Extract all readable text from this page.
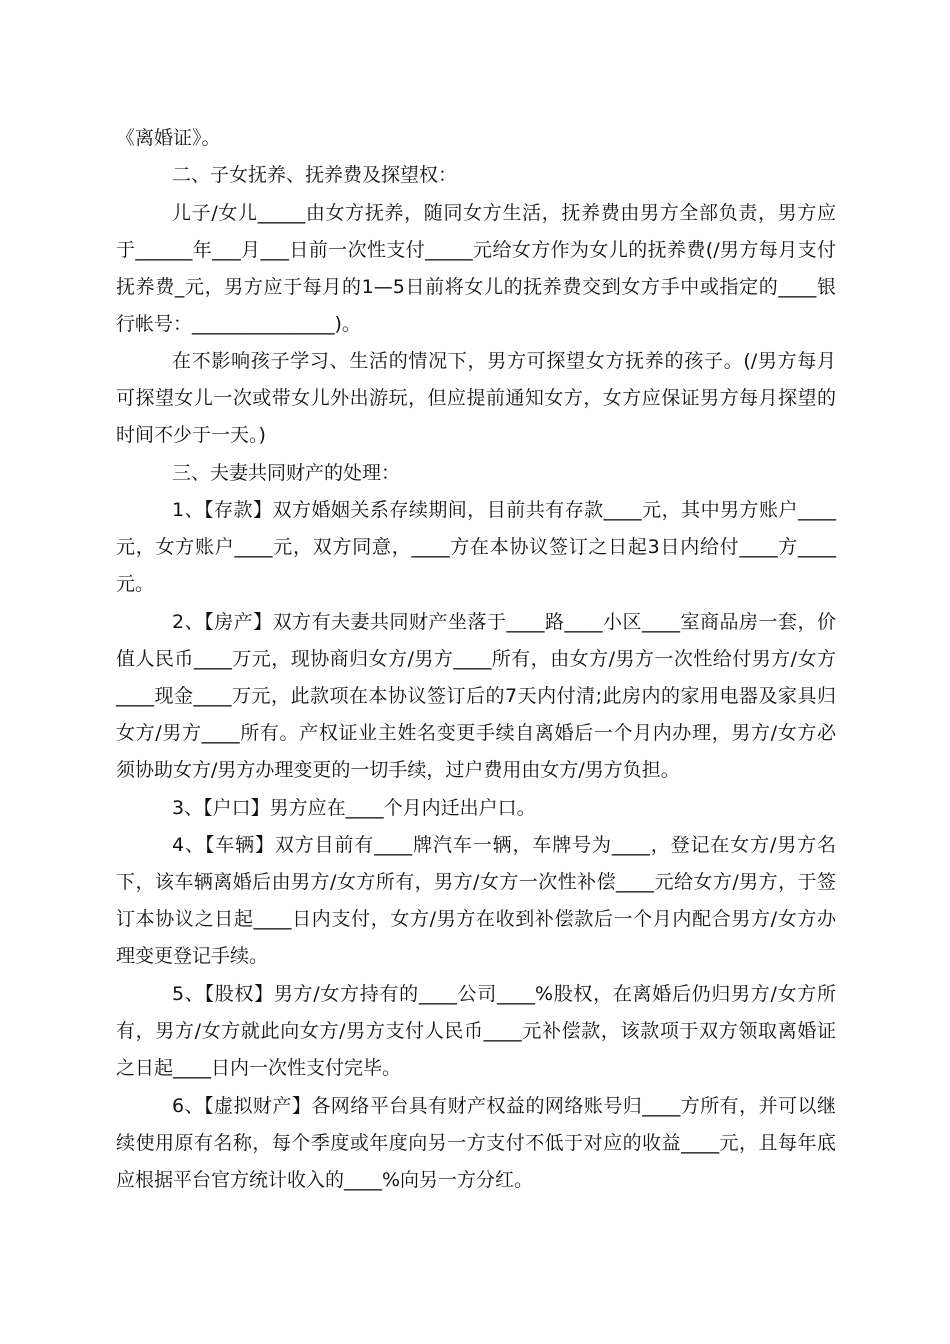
《离婚证》。

二、子女抚养、抚养费及探望权：

儿子/女儿_____由女方抚养，随同女方生活，抚养费由男方全部负责，男方应

于______年___月___日前一次性支付_____元给女方作为女儿的抚养费(/男方每月支付

抚养费_元，男方应于每月的1—5日前将女儿的抚养费交到女方手中或指定的____银

行帐号：_______________)。

在不影响孩子学习、生活的情况下，男方可探望女方抚养的孩子。(/男方每月

可探望女儿一次或带女儿外出游玩，但应提前通知女方，女方应保证男方每月探望的

时间不少于一天。)

三、夫妻共同财产的处理：

1、【存款】双方婚姻关系存续期间，目前共有存款____元，其中男方账户____

元，女方账户____元，双方同意，____方在本协议签订之日起3日内给付____方____

元。

2、【房产】双方有夫妻共同财产坐落于____路____小区____室商品房一套，价

值人民币____万元，现协商归女方/男方____所有，由女方/男方一次性给付男方/女方

____现金____万元，此款项在本协议签订后的7天内付清;此房内的家用电器及家具归

女方/男方____所有。产权证业主姓名变更手续自离婚后一个月内办理，男方/女方必

须协助女方/男方办理变更的一切手续，过户费用由女方/男方负担。

3、【户口】男方应在____个月内迁出户口。

4、【车辆】双方目前有____牌汽车一辆，车牌号为____，登记在女方/男方名

下，该车辆离婚后由男方/女方所有，男方/女方一次性补偿____元给女方/男方，于签

订本协议之日起____日内支付，女方/男方在收到补偿款后一个月内配合男方/女方办

理变更登记手续。

5、【股权】男方/女方持有的____公司____%股权，在离婚后仍归男方/女方所

有，男方/女方就此向女方/男方支付人民币____元补偿款，该款项于双方领取离婚证

之日起____日内一次性支付完毕。

6、【虚拟财产】各网络平台具有财产权益的网络账号归____方所有，并可以继

续使用原有名称，每个季度或年度向另一方支付不低于对应的收益____元，且每年底

应根据平台官方统计收入的____%向另一方分红。
